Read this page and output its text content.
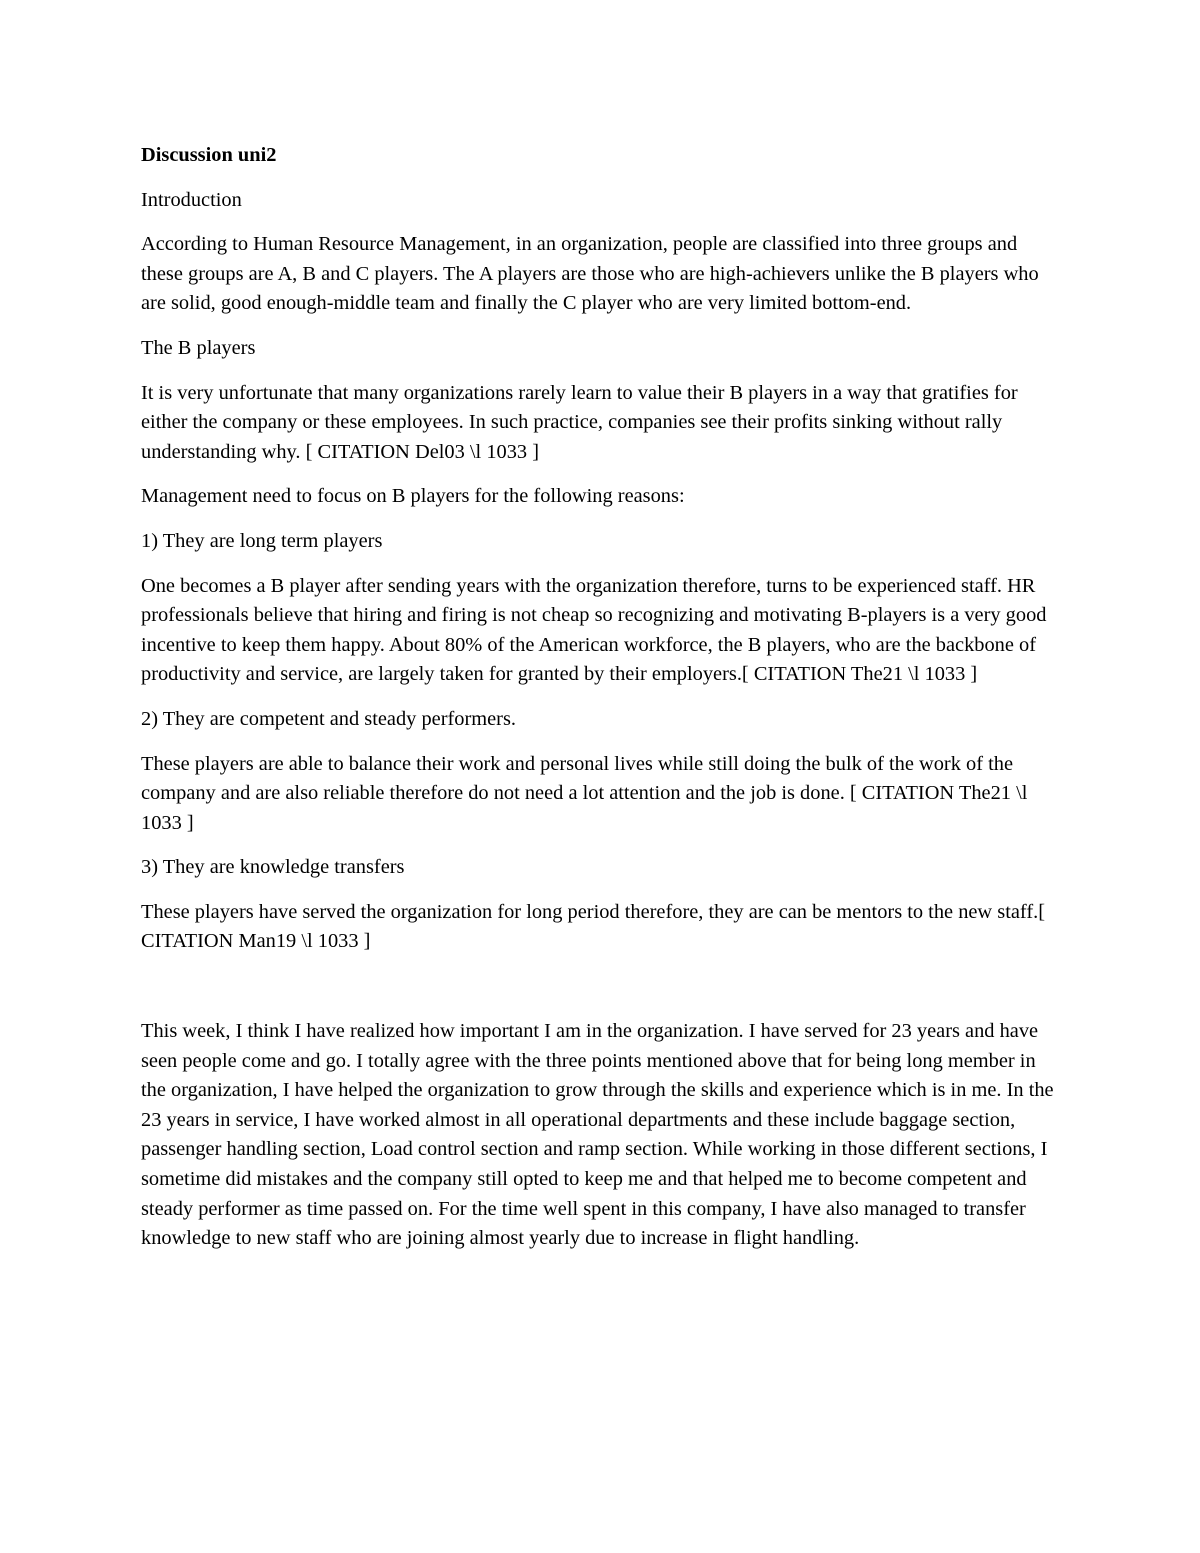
Discussion uni2

Introduction

According to Human Resource Management, in an organization, people are classified into three groups and these groups are A, B and C players. The A players are those who are high-achievers unlike the B players who are solid, good enough-middle team and finally the C player who are very limited bottom-end.

The B players

It is very unfortunate that many organizations rarely learn to value their B players in a way that gratifies for either the company or these employees. In such practice, companies see their profits sinking without rally understanding why. [ CITATION Del03 \l 1033 ]

Management need to focus on B players for the following reasons:

1) They are long term players

One becomes a B player after sending years with the organization therefore, turns to be experienced staff. HR professionals believe that hiring and firing is not cheap so recognizing and motivating B-players is a very good incentive to keep them happy. About 80% of the American workforce, the B players, who are the backbone of productivity and service, are largely taken for granted by their employers.[ CITATION The21 \l 1033 ]

2) They are competent and steady performers.

These players are able to balance their work and personal lives while still doing the bulk of the work of the company and are also reliable therefore do not need a lot attention and the job is done. [ CITATION The21 \l 1033 ]

3) They are knowledge transfers

These players have served the organization for long period therefore, they are can be mentors to the new staff.[ CITATION Man19 \l 1033 ]

This week, I think I have realized how important I am in the organization. I have served for 23 years and have seen people come and go. I totally agree with the three points mentioned above that for being long member in the organization, I have helped the organization to grow through the skills and experience which is in me. In the 23 years in service, I have worked almost in all operational departments and these include baggage section, passenger handling section, Load control section and ramp section. While working in those different sections, I sometime did mistakes and the company still opted to keep me and that helped me to become competent and steady performer as time passed on. For the time well spent in this company, I have also managed to transfer knowledge to new staff who are joining almost yearly due to increase in flight handling.
